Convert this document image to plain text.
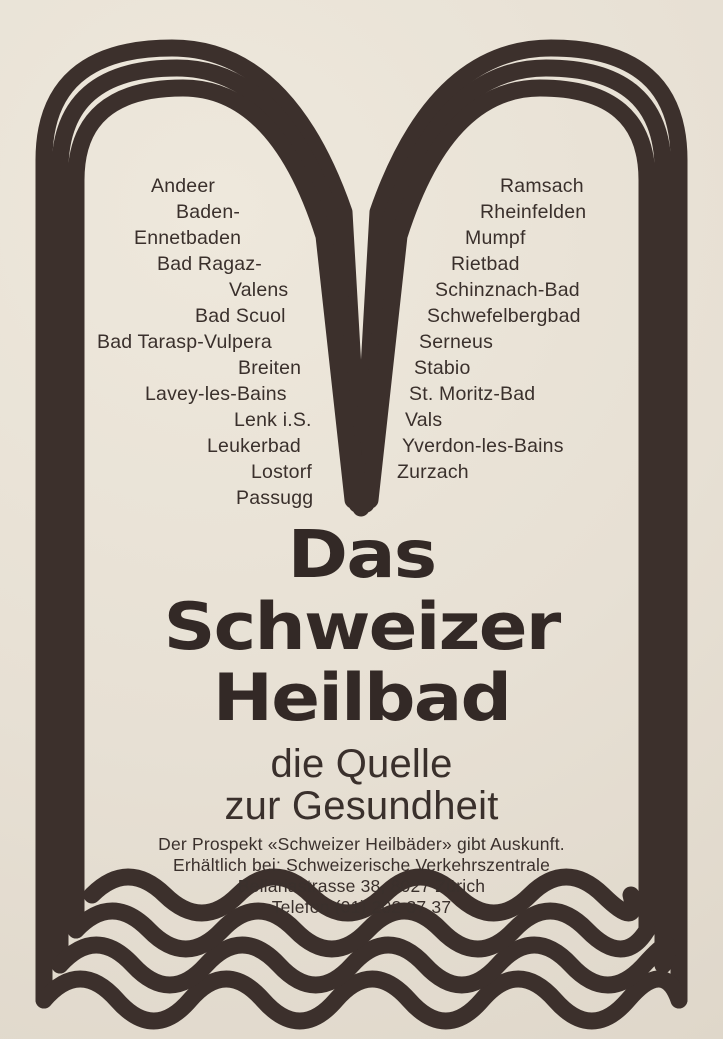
Andeer
Baden-
Ennetbaden
Bad Ragaz-
Valens
Bad Scuol
Bad Tarasp-Vulpera
Breiten
Lavey-les-Bains
Lenk i.S.
Leukerbad
Lostorf
Passugg
Ramsach
Rheinfelden
Mumpf
Rietbad
Schinznach-Bad
Schwefelbergbad
Serneus
Stabio
St. Moritz-Bad
Vals
Yverdon-les-Bains
Zurzach
Das
Schweizer
Heilbad
die Quelle
zur Gesundheit
Der Prospekt «Schweizer Heilbäder» gibt Auskunft.
Erhältlich bei: Schweizerische Verkehrszentrale
Bellariastrasse 38, 8027 Zürich
Telefon (01) 202 37 37
